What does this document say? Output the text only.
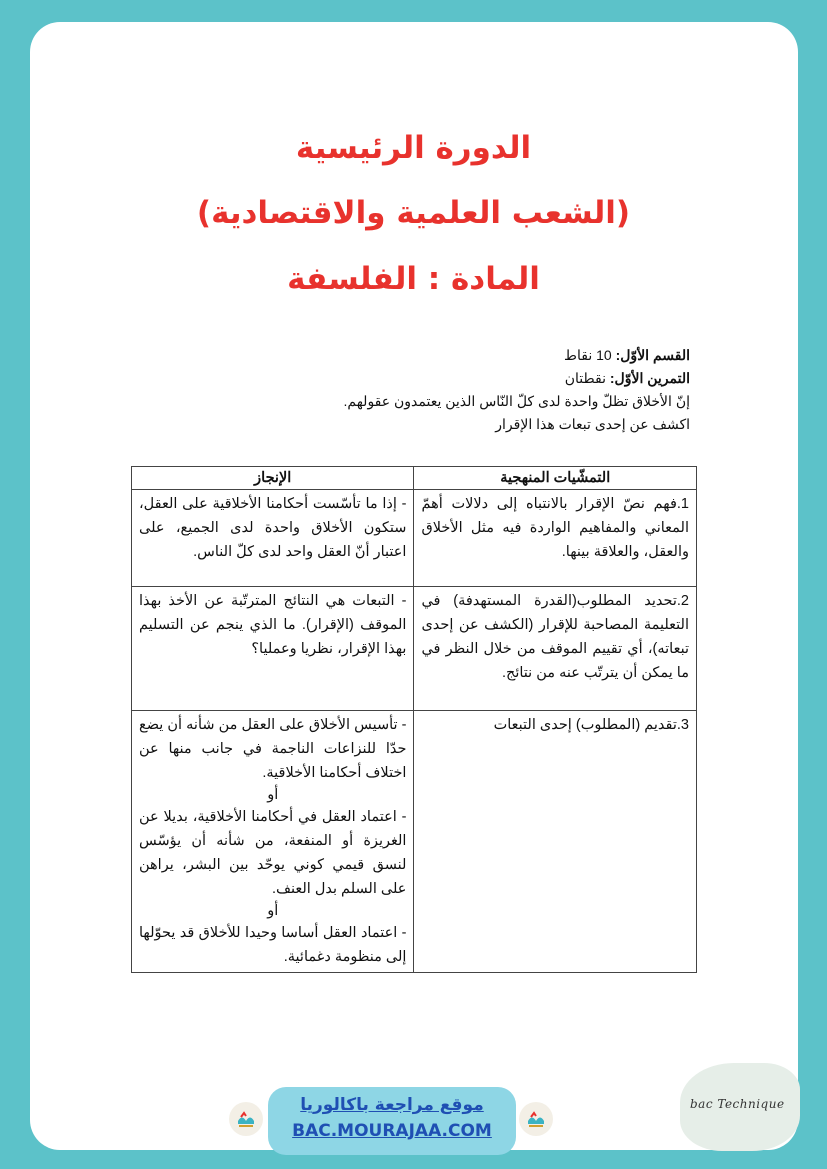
الدورة الرئيسية
(الشعب العلمية والاقتصادية)
المادة : الفلسفة
القسم الأوّل: 10 نقاط
التمرين الأوّل: نقطتان
إنّ الأخلاق تظلّ واحدة لدى كلّ النّاس الذين يعتمدون عقولهم.
اكشف عن إحدى تبعات هذا الإقرار
التمشّيات المنهجية	الإنجاز
1.فهم نصّ الإقرار بالانتباه إلى دلالات أهمّ المعاني والمفاهيم الواردة فيه مثل الأخلاق والعقل، والعلاقة بينها.	- إذا ما تأسّست أحكامنا الأخلاقية على العقل، ستكون الأخلاق واحدة لدى الجميع، على اعتبار أنّ العقل واحد لدى كلّ الناس.
2.تحديد المطلوب(القدرة المستهدفة) في التعليمة المصاحبة للإقرار (الكشف عن إحدى تبعاته)، أي تقييم الموقف من خلال النظر في ما يمكن أن يترتّب عنه من نتائج.	- التبعات هي النتائج المترتّبة عن الأخذ بهذا الموقف (الإقرار). ما الذي ينجم عن التسليم بهذا الإقرار، نظريا وعمليا؟
3.تقديم (المطلوب) إحدى التبعات	- تأسيس الأخلاق على العقل من شأنه أن يضع حدّا للنزاعات الناجمة في جانب منها عن اختلاف أحكامنا الأخلاقية.
أو
- اعتماد العقل في أحكامنا الأخلاقية، بديلا عن الغريزة أو المنفعة، من شأنه أن يؤسّس لنسق قيمي كوني يوحّد بين البشر، يراهن على السلم بدل العنف.
أو
- اعتماد العقل أساسا وحيدا للأخلاق قد يحوّلها إلى منظومة دغمائية.
موقع مراجعة باكالوريا
BAC.MOURAJAA.COM
bac Technique
